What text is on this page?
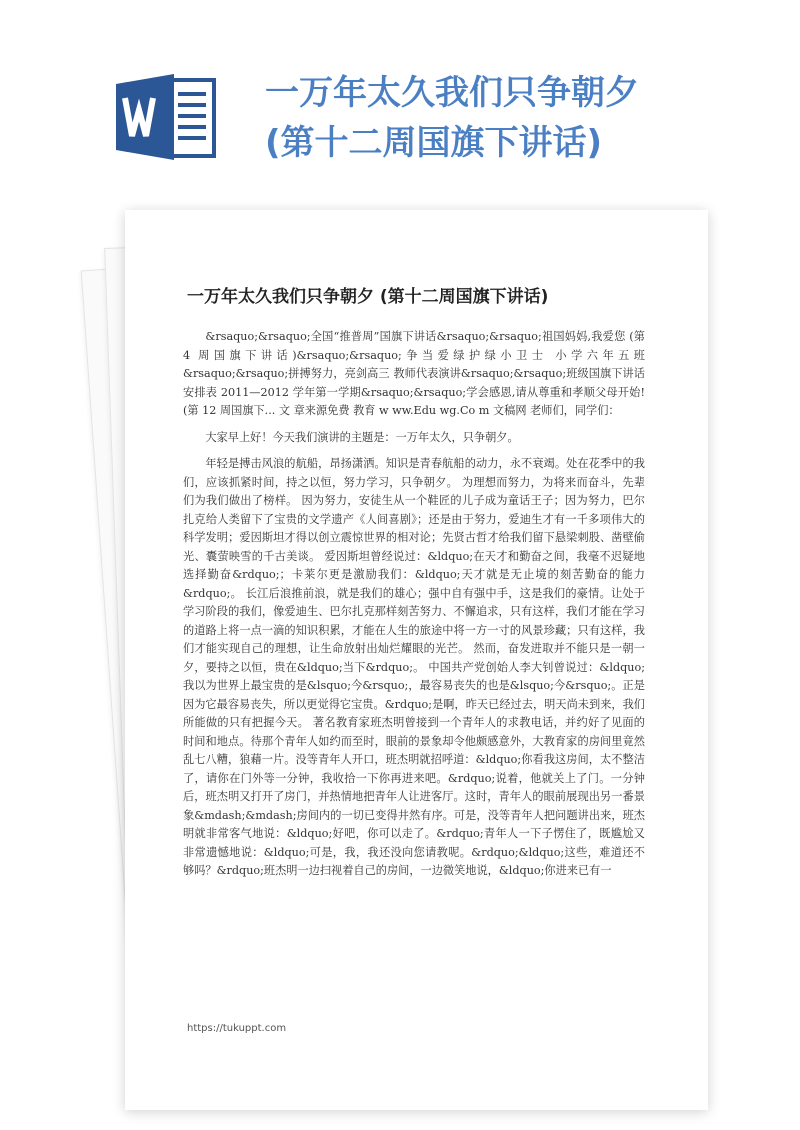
一万年太久我们只争朝夕(第十二周国旗下讲话)
一万年太久我们只争朝夕 (第十二周国旗下讲话)

&rsaquo;&rsaquo;全国“推普周”国旗下讲话&rsaquo;&rsaquo;祖国妈妈,我爱您 (第 4 周国旗下讲话)&rsaquo;&rsaquo;争当爱绿护绿小卫士 小学六年五班&rsaquo;&rsaquo;拼搏努力，亮剑高三 教师代表演讲&rsaquo;&rsaquo;班级国旗下讲话安排表 2011—2012 学年第一学期&rsaquo;&rsaquo;学会感恩,请从尊重和孝顺父母开始! (第 12 周国旗下... 文 章来源免费 教育 w ww.Edu wg.Co m 文稿网 老师们，同学们：

大家早上好！今天我们演讲的主题是：一万年太久，只争朝夕。

年轻是搏击风浪的航船，昂扬潇洒。知识是青春航船的动力，永不衰竭。处在花季中的我们，应该抓紧时间，持之以恒，努力学习，只争朝夕。 为理想而努力，为将来而奋斗，先辈们为我们做出了榜样。 因为努力，安徒生从一个鞋匠的儿子成为童话王子；因为努力，巴尔扎克给人类留下了宝贵的文学遗产《人间喜剧》；还是由于努力，爱迪生才有一千多项伟大的科学发明；爱因斯坦才得以创立震惊世界的相对论；先贤古哲才给我们留下悬梁刺股、凿壁偷光、囊萤映雪的千古美谈。 爱因斯坦曾经说过：&ldquo;在天才和勤奋之间，我毫不迟疑地选择勤奋&rdquo;；卡莱尔更是激励我们：&ldquo;天才就是无止境的刻苦勤奋的能力&rdquo;。 长江后浪推前浪，就是我们的雄心；强中自有强中手，这是我们的豪情。让处于学习阶段的我们，像爱迪生、巴尔扎克那样刻苦努力、不懈追求，只有这样，我们才能在学习的道路上将一点一滴的知识积累，才能在人生的旅途中将一方一寸的风景珍藏；只有这样，我们才能实现自己的理想，让生命放射出灿烂耀眼的光芒。 然而，奋发进取并不能只是一朝一夕，要持之以恒，贵在&ldquo;当下&rdquo;。 中国共产党创始人李大钊曾说过：&ldquo;我以为世界上最宝贵的是&lsquo;今&rsquo;，最容易丧失的也是&lsquo;今&rsquo;。正是因为它最容易丧失，所以更觉得它宝贵。&rdquo;是啊，昨天已经过去，明天尚未到来，我们所能做的只有把握今天。 著名教育家班杰明曾接到一个青年人的求教电话，并约好了见面的时间和地点。待那个青年人如约而至时，眼前的景象却令他颇感意外，大教育家的房间里竟然乱七八糟，狼藉一片。没等青年人开口，班杰明就招呼道：&ldquo;你看我这房间，太不整洁了，请你在门外等一分钟，我收拾一下你再进来吧。&rdquo;说着，他就关上了门。一分钟后，班杰明又打开了房门，并热情地把青年人让进客厅。这时，青年人的眼前展现出另一番景象&mdash;&mdash;房间内的一切已变得井然有序。可是，没等青年人把问题讲出来，班杰明就非常客气地说：&ldquo;好吧，你可以走了。&rdquo;青年人一下子愣住了，既尴尬又非常遗憾地说：&ldquo;可是，我，我还没向您请教呢。&rdquo;&ldquo;这些，难道还不够吗？&rdquo;班杰明一边扫视着自己的房间，一边微笑地说，&ldquo;你进来已有一

https://tukuppt.com
